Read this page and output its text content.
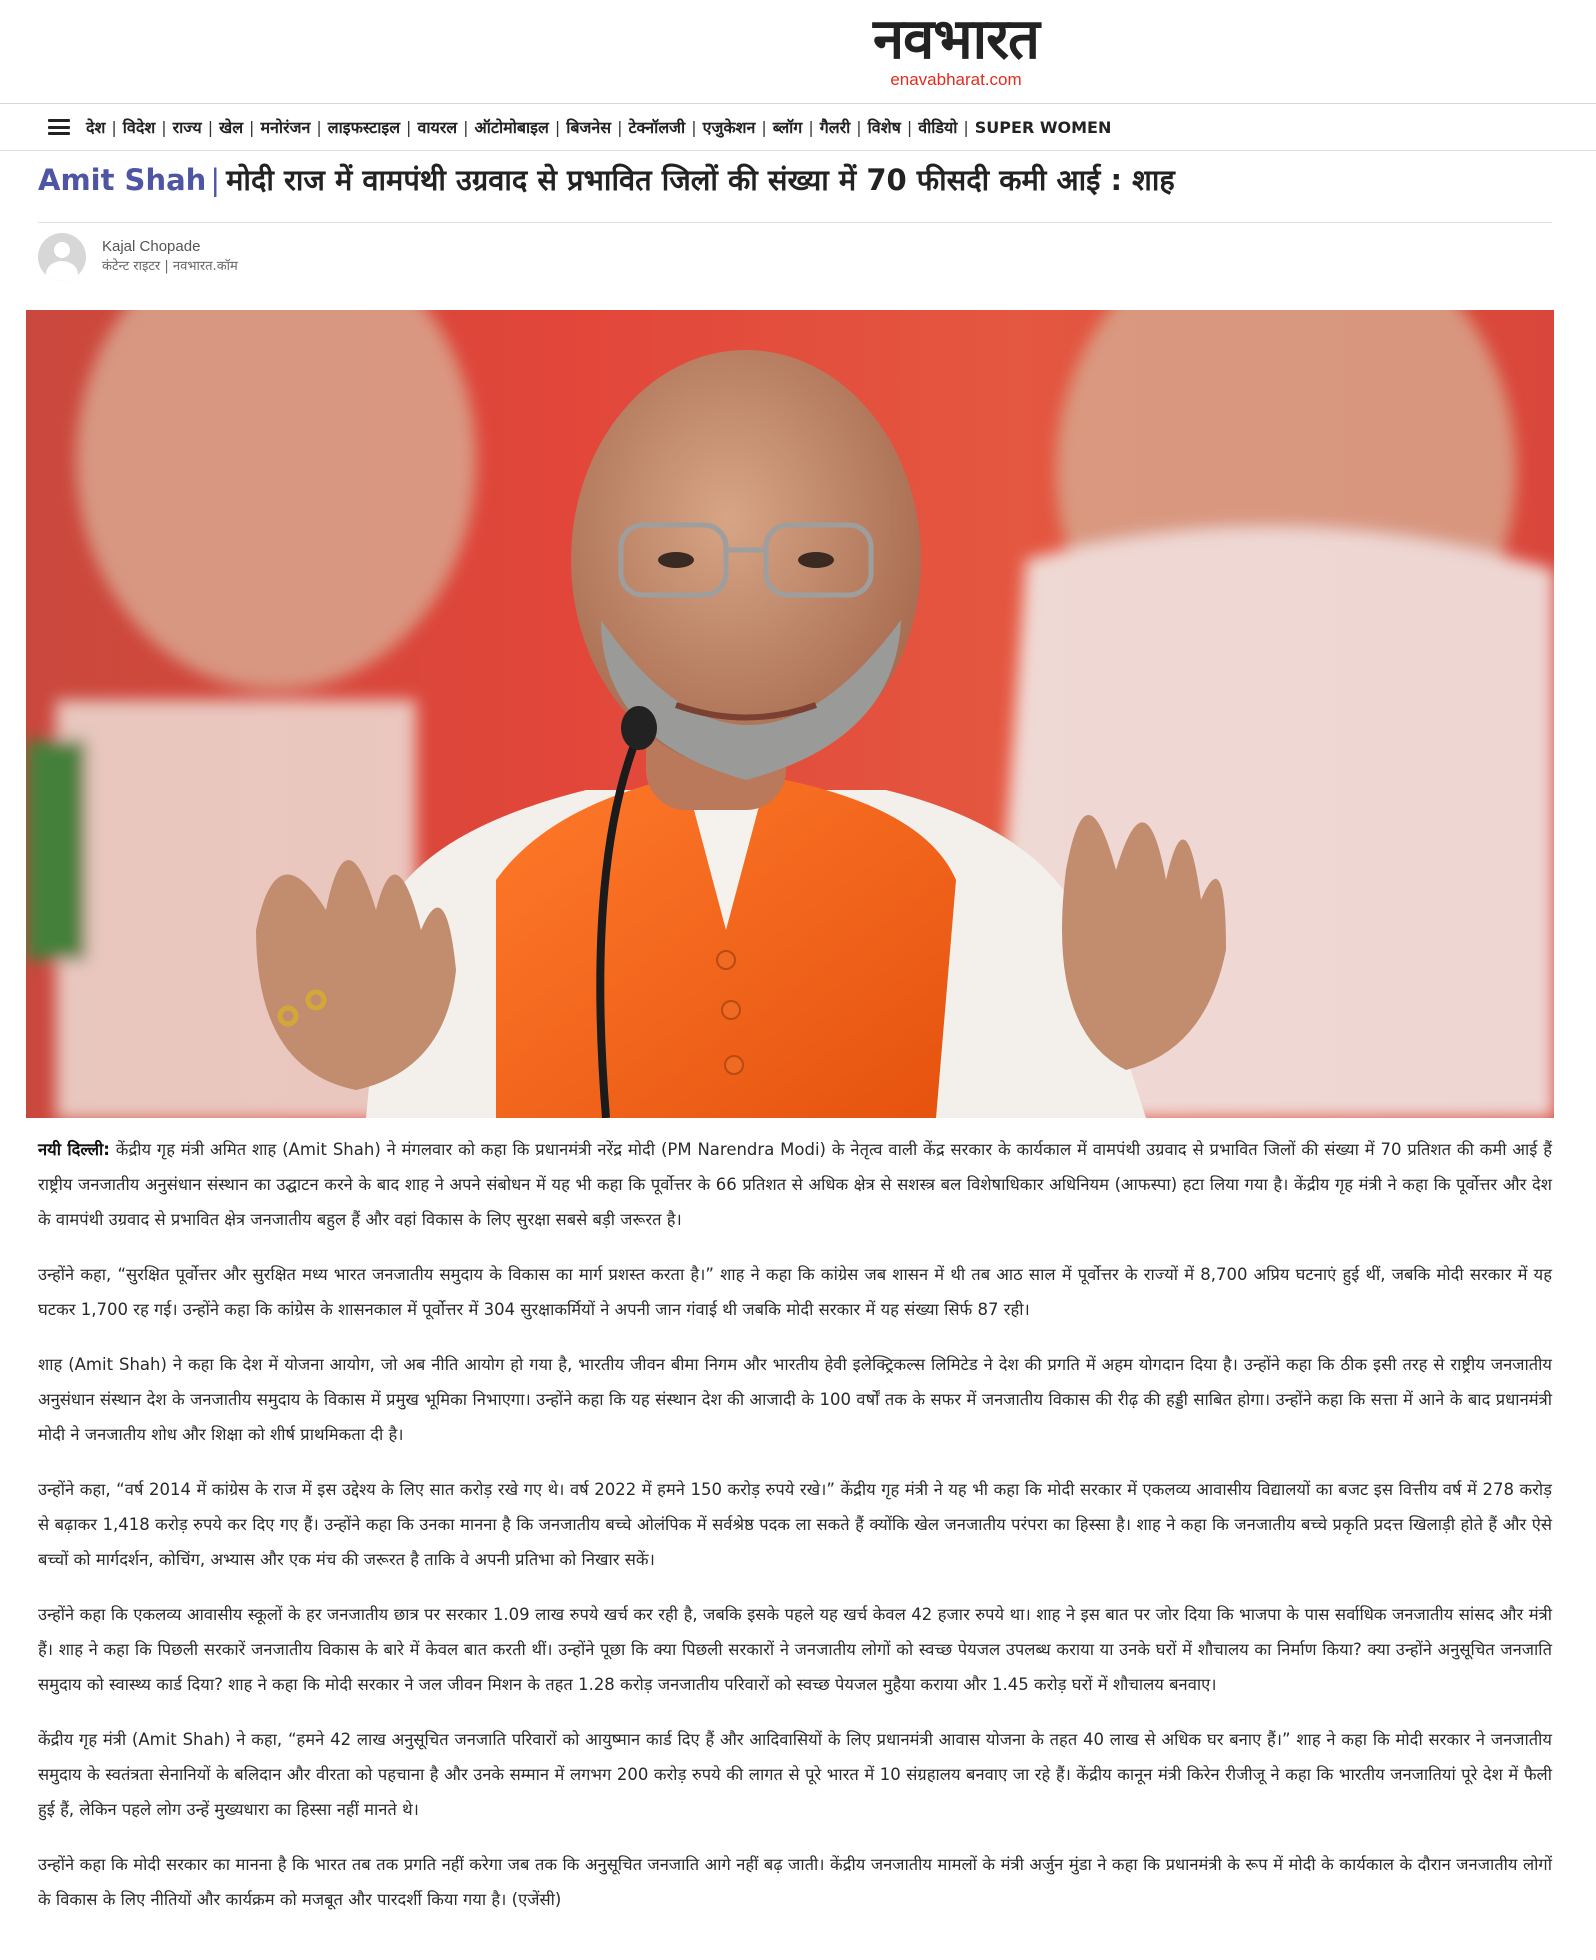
नवभारत
enavabharat.com
देश | विदेश | राज्य | खेल | मनोरंजन | लाइफस्टाइल | वायरल | ऑटोमोबाइल | बिजनेस | टेक्नॉलजी | एजुकेशन | ब्लॉग | गैलरी | विशेष | वीडियो | SUPER WOMEN
Amit Shah | मोदी राज में वामपंथी उग्रवाद से प्रभावित जिलों की संख्या में 70 फीसदी कमी आई : शाह
Kajal Chopade
कंटेन्ट राइटर | नवभारत.कॉम

नयी दिल्ली: केंद्रीय गृह मंत्री अमित शाह (Amit Shah) ने मंगलवार को कहा कि प्रधानमंत्री नरेंद्र मोदी (PM Narendra Modi) के नेतृत्व वाली केंद्र सरकार के कार्यकाल में वामपंथी उग्रवाद से प्रभावित जिलों की संख्या में 70 प्रतिशत की कमी आई हैं राष्ट्रीय जनजातीय अनुसंधान संस्थान का उद्घाटन करने के बाद शाह ने अपने संबोधन में यह भी कहा कि पूर्वोत्तर के 66 प्रतिशत से अधिक क्षेत्र से सशस्त्र बल विशेषाधिकार अधिनियम (आफस्पा) हटा लिया गया है। केंद्रीय गृह मंत्री ने कहा कि पूर्वोत्तर और देश के वामपंथी उग्रवाद से प्रभावित क्षेत्र जनजातीय बहुल हैं और वहां विकास के लिए सुरक्षा सबसे बड़ी जरूरत है।

उन्होंने कहा, “सुरक्षित पूर्वोत्तर और सुरक्षित मध्य भारत जनजातीय समुदाय के विकास का मार्ग प्रशस्त करता है।” शाह ने कहा कि कांग्रेस जब शासन में थी तब आठ साल में पूर्वोत्तर के राज्यों में 8,700 अप्रिय घटनाएं हुई थीं, जबकि मोदी सरकार में यह घटकर 1,700 रह गई। उन्होंने कहा कि कांग्रेस के शासनकाल में पूर्वोत्तर में 304 सुरक्षाकर्मियों ने अपनी जान गंवाई थी जबकि मोदी सरकार में यह संख्या सिर्फ 87 रही।

शाह (Amit Shah) ने कहा कि देश में योजना आयोग, जो अब नीति आयोग हो गया है, भारतीय जीवन बीमा निगम और भारतीय हेवी इलेक्ट्रिकल्स लिमिटेड ने देश की प्रगति में अहम योगदान दिया है। उन्होंने कहा कि ठीक इसी तरह से राष्ट्रीय जनजातीय अनुसंधान संस्थान देश के जनजातीय समुदाय के विकास में प्रमुख भूमिका निभाएगा। उन्होंने कहा कि यह संस्थान देश की आजादी के 100 वर्षों तक के सफर में जनजातीय विकास की रीढ़ की हड्डी साबित होगा। उन्होंने कहा कि सत्ता में आने के बाद प्रधानमंत्री मोदी ने जनजातीय शोध और शिक्षा को शीर्ष प्राथमिकता दी है।

उन्होंने कहा, “वर्ष 2014 में कांग्रेस के राज में इस उद्देश्य के लिए सात करोड़ रखे गए थे। वर्ष 2022 में हमने 150 करोड़ रुपये रखे।” केंद्रीय गृह मंत्री ने यह भी कहा कि मोदी सरकार में एकलव्य आवासीय विद्यालयों का बजट इस वित्तीय वर्ष में 278 करोड़ से बढ़ाकर 1,418 करोड़ रुपये कर दिए गए हैं। उन्होंने कहा कि उनका मानना है कि जनजातीय बच्चे ओलंपिक में सर्वश्रेष्ठ पदक ला सकते हैं क्योंकि खेल जनजातीय परंपरा का हिस्सा है। शाह ने कहा कि जनजातीय बच्चे प्रकृति प्रदत्त खिलाड़ी होते हैं और ऐसे बच्चों को मार्गदर्शन, कोचिंग, अभ्यास और एक मंच की जरूरत है ताकि वे अपनी प्रतिभा को निखार सकें।

उन्होंने कहा कि एकलव्य आवासीय स्कूलों के हर जनजातीय छात्र पर सरकार 1.09 लाख रुपये खर्च कर रही है, जबकि इसके पहले यह खर्च केवल 42 हजार रुपये था। शाह ने इस बात पर जोर दिया कि भाजपा के पास सर्वाधिक जनजातीय सांसद और मंत्री हैं। शाह ने कहा कि पिछली सरकारें जनजातीय विकास के बारे में केवल बात करती थीं। उन्होंने पूछा कि क्या पिछली सरकारों ने जनजातीय लोगों को स्वच्छ पेयजल उपलब्ध कराया या उनके घरों में शौचालय का निर्माण किया? क्या उन्होंने अनुसूचित जनजाति समुदाय को स्वास्थ्य कार्ड दिया? शाह ने कहा कि मोदी सरकार ने जल जीवन मिशन के तहत 1.28 करोड़ जनजातीय परिवारों को स्वच्छ पेयजल मुहैया कराया और 1.45 करोड़ घरों में शौचालय बनवाए।

केंद्रीय गृह मंत्री (Amit Shah) ने कहा, “हमने 42 लाख अनुसूचित जनजाति परिवारों को आयुष्मान कार्ड दिए हैं और आदिवासियों के लिए प्रधानमंत्री आवास योजना के तहत 40 लाख से अधिक घर बनाए हैं।” शाह ने कहा कि मोदी सरकार ने जनजातीय समुदाय के स्वतंत्रता सेनानियों के बलिदान और वीरता को पहचाना है और उनके सम्मान में लगभग 200 करोड़ रुपये की लागत से पूरे भारत में 10 संग्रहालय बनवाए जा रहे हैं। केंद्रीय कानून मंत्री किरेन रीजीजू ने कहा कि भारतीय जनजातियां पूरे देश में फैली हुई हैं, लेकिन पहले लोग उन्हें मुख्यधारा का हिस्सा नहीं मानते थे।

उन्होंने कहा कि मोदी सरकार का मानना है कि भारत तब तक प्रगति नहीं करेगा जब तक कि अनुसूचित जनजाति आगे नहीं बढ़ जाती। केंद्रीय जनजातीय मामलों के मंत्री अर्जुन मुंडा ने कहा कि प्रधानमंत्री के रूप में मोदी के कार्यकाल के दौरान जनजातीय लोगों के विकास के लिए नीतियों और कार्यक्रम को मजबूत और पारदर्शी किया गया है। (एजेंसी)
